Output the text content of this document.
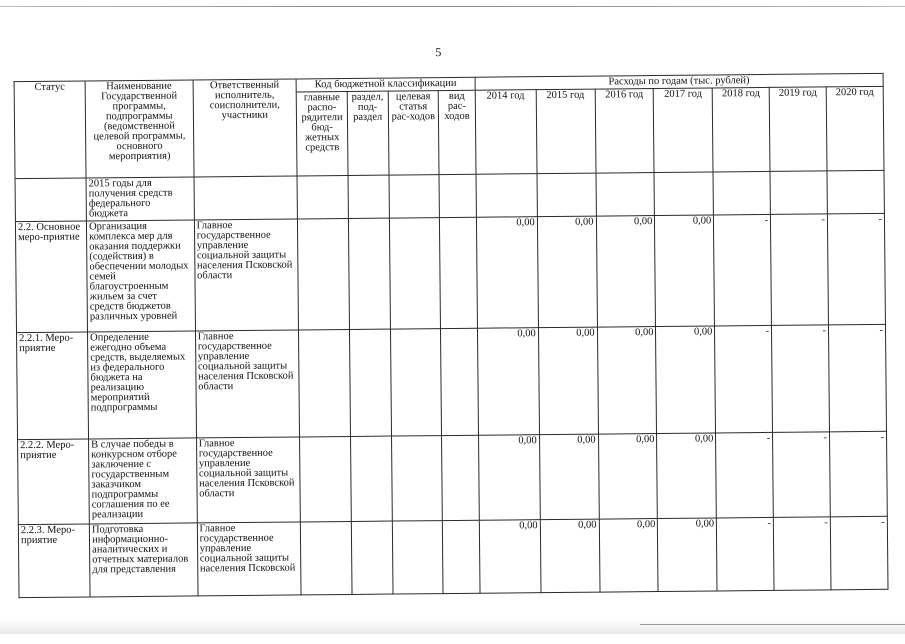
5
Статус	Наименование Государственной программы, подпрограммы (ведомственной целевой программы, основного мероприятия)	Ответственный исполнитель, соисполнители, участники	Код бюджетной классификации				Расходы по годам (тыс. рублей)						
			главные распо-рядители бюд-жетных средств	раздел, под-раздел	целевая статья рас-ходов	вид рас-ходов	2014 год	2015 год	2016 год	2017 год	2018 год	2019 год	2020 год
	2015 годы для получения средств федерального бюджета												
2.2. Основное меро-приятие	Организация комплекса мер для оказания поддержки (содействия) в обеспечении молодых семей благоустроенным жильем за счет средств бюджетов различных уровней	Главное государственное управление социальной защиты населения Псковской области					0,00	0,00	0,00	0,00	-	-	-
2.2.1. Меро-приятие	Определение ежегодно объема средств, выделяемых из федерального бюджета на реализацию мероприятий подпрограммы	Главное государственное управление социальной защиты населения Псковской области					0,00	0,00	0,00	0,00	-	-	-
2.2.2. Меро-приятие	В случае победы в конкурсном отборе заключение с государственным заказчиком подпрограммы соглашения по ее реализации	Главное государственное управление социальной защиты населения Псковской области					0,00	0,00	0,00	0,00	-	-	-
2.2.3. Меро-приятие	Подготовка информационно-аналитических и отчетных материалов для представления	Главное государственное управление социальной защиты населения Псковской					0,00	0,00	0,00	0,00	-	-	-
